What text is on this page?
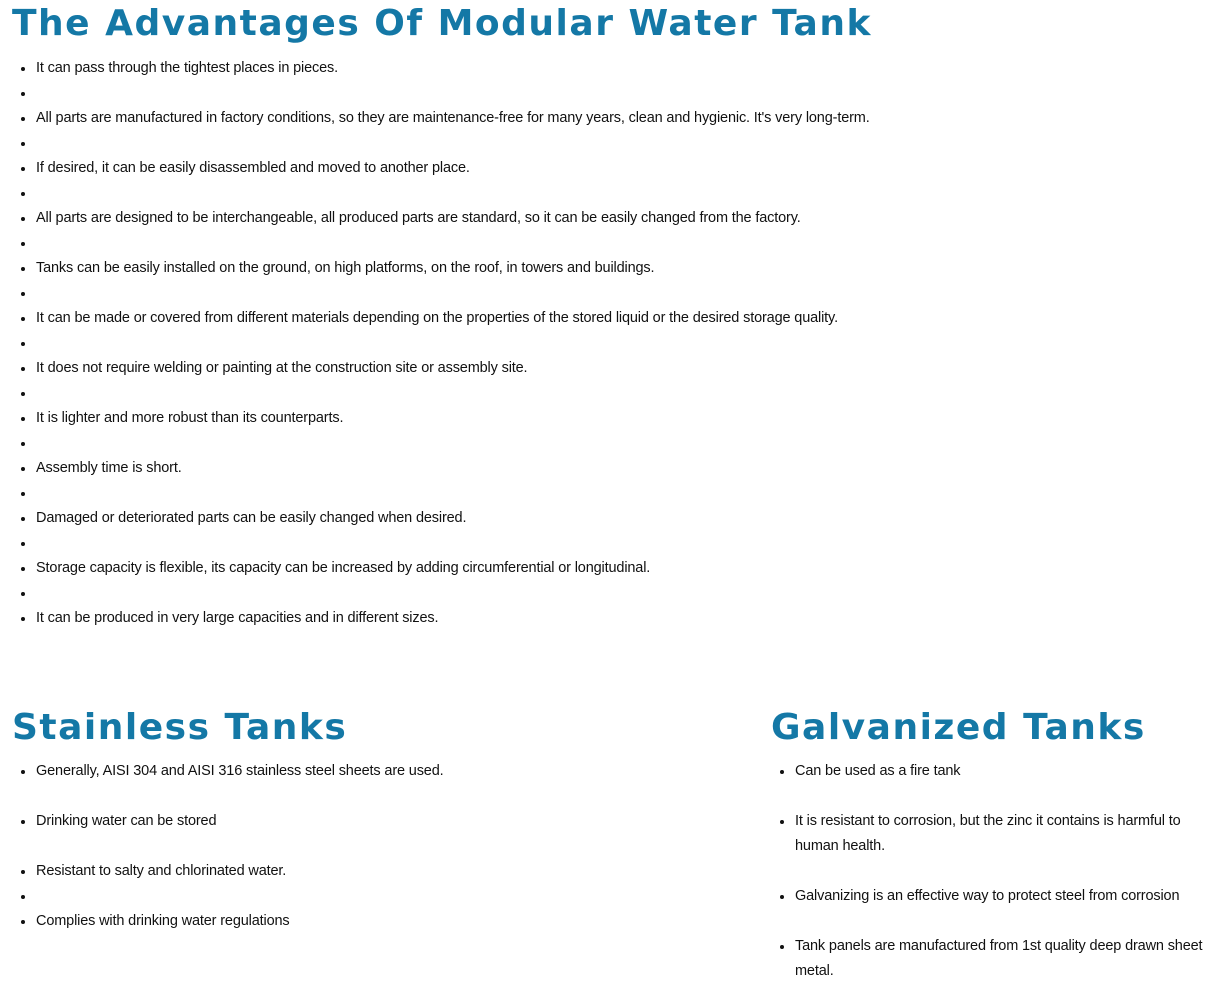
The Advantages Of Modular Water Tank
It can pass through the tightest places in pieces.
All parts are manufactured in factory conditions, so they are maintenance-free for many years, clean and hygienic. It's very long-term.
If desired, it can be easily disassembled and moved to another place.
All parts are designed to be interchangeable, all produced parts are standard, so it can be easily changed from the factory.
Tanks can be easily installed on the ground, on high platforms, on the roof, in towers and buildings.
It can be made or covered from different materials depending on the properties of the stored liquid or the desired storage quality.
It does not require welding or painting at the construction site or assembly site.
It is lighter and more robust than its counterparts.
Assembly time is short.
Damaged or deteriorated parts can be easily changed when desired.
Storage capacity is flexible, its capacity can be increased by adding circumferential or longitudinal.
It can be produced in very large capacities and in different sizes.
Stainless Tanks
Generally, AISI 304 and AISI 316 stainless steel sheets are used.
Drinking water can be stored
Resistant to salty and chlorinated water.
Complies with drinking water regulations
Galvanized Tanks
Can be used as a fire tank
It is resistant to corrosion, but the zinc it contains is harmful to human health.
Galvanizing is an effective way to protect steel from corrosion
Tank panels are manufactured from 1st quality deep drawn sheet metal.
